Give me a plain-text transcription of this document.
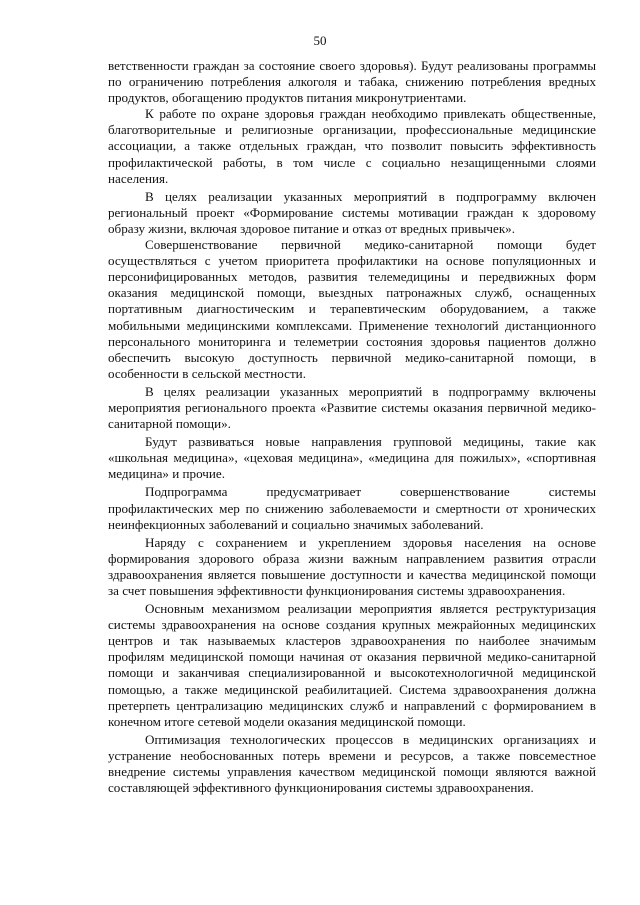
50

ветственности граждан за состояние своего здоровья). Будут реализованы программы по ограничению потребления алкоголя и табака, снижению потребления вредных продуктов, обогащению продуктов питания микронутриентами.

К работе по охране здоровья граждан необходимо привлекать общественные, благотворительные и религиозные организации, профессиональные медицинские ассоциации, а также отдельных граждан, что позволит повысить эффективность профилактической работы, в том числе с социально незащищенными слоями населения.

В целях реализации указанных мероприятий в подпрограмму включен региональный проект «Формирование системы мотивации граждан к здоровому образу жизни, включая здоровое питание и отказ от вредных привычек».

Совершенствование первичной медико-санитарной помощи будет осуществляться с учетом приоритета профилактики на основе популяционных и персонифицированных методов, развития телемедицины и передвижных форм оказания медицинской помощи, выездных патронажных служб, оснащенных портативным диагностическим и терапевтическим оборудованием, а также мобильными медицинскими комплексами. Применение технологий дистанционного персонального мониторинга и телеметрии состояния здоровья пациентов должно обеспечить высокую доступность первичной медико-санитарной помощи, в особенности в сельской местности.

В целях реализации указанных мероприятий в подпрограмму включены мероприятия регионального проекта «Развитие системы оказания первичной медико-санитарной помощи».

Будут развиваться новые направления групповой медицины, такие как «школьная медицина», «цеховая медицина», «медицина для пожилых», «спортивная медицина» и прочие.

Подпрограмма предусматривает совершенствование системы профилактических мер по снижению заболеваемости и смертности от хронических неинфекционных заболеваний и социально значимых заболеваний.

Наряду с сохранением и укреплением здоровья населения на основе формирования здорового образа жизни важным направлением развития отрасли здравоохранения является повышение доступности и качества медицинской помощи за счет повышения эффективности функционирования системы здравоохранения.

Основным механизмом реализации мероприятия является реструктуризация системы здравоохранения на основе создания крупных межрайонных медицинских центров и так называемых кластеров здравоохранения по наиболее значимым профилям медицинской помощи начиная от оказания первичной медико-санитарной помощи и заканчивая специализированной и высокотехнологичной медицинской помощью, а также медицинской реабилитацией. Система здравоохранения должна претерпеть централизацию медицинских служб и направлений с формированием в конечном итоге сетевой модели оказания медицинской помощи.

Оптимизация технологических процессов в медицинских организациях и устранение необоснованных потерь времени и ресурсов, а также повсеместное внедрение системы управления качеством медицинской помощи являются важной составляющей эффективного функционирования системы здравоохранения.
